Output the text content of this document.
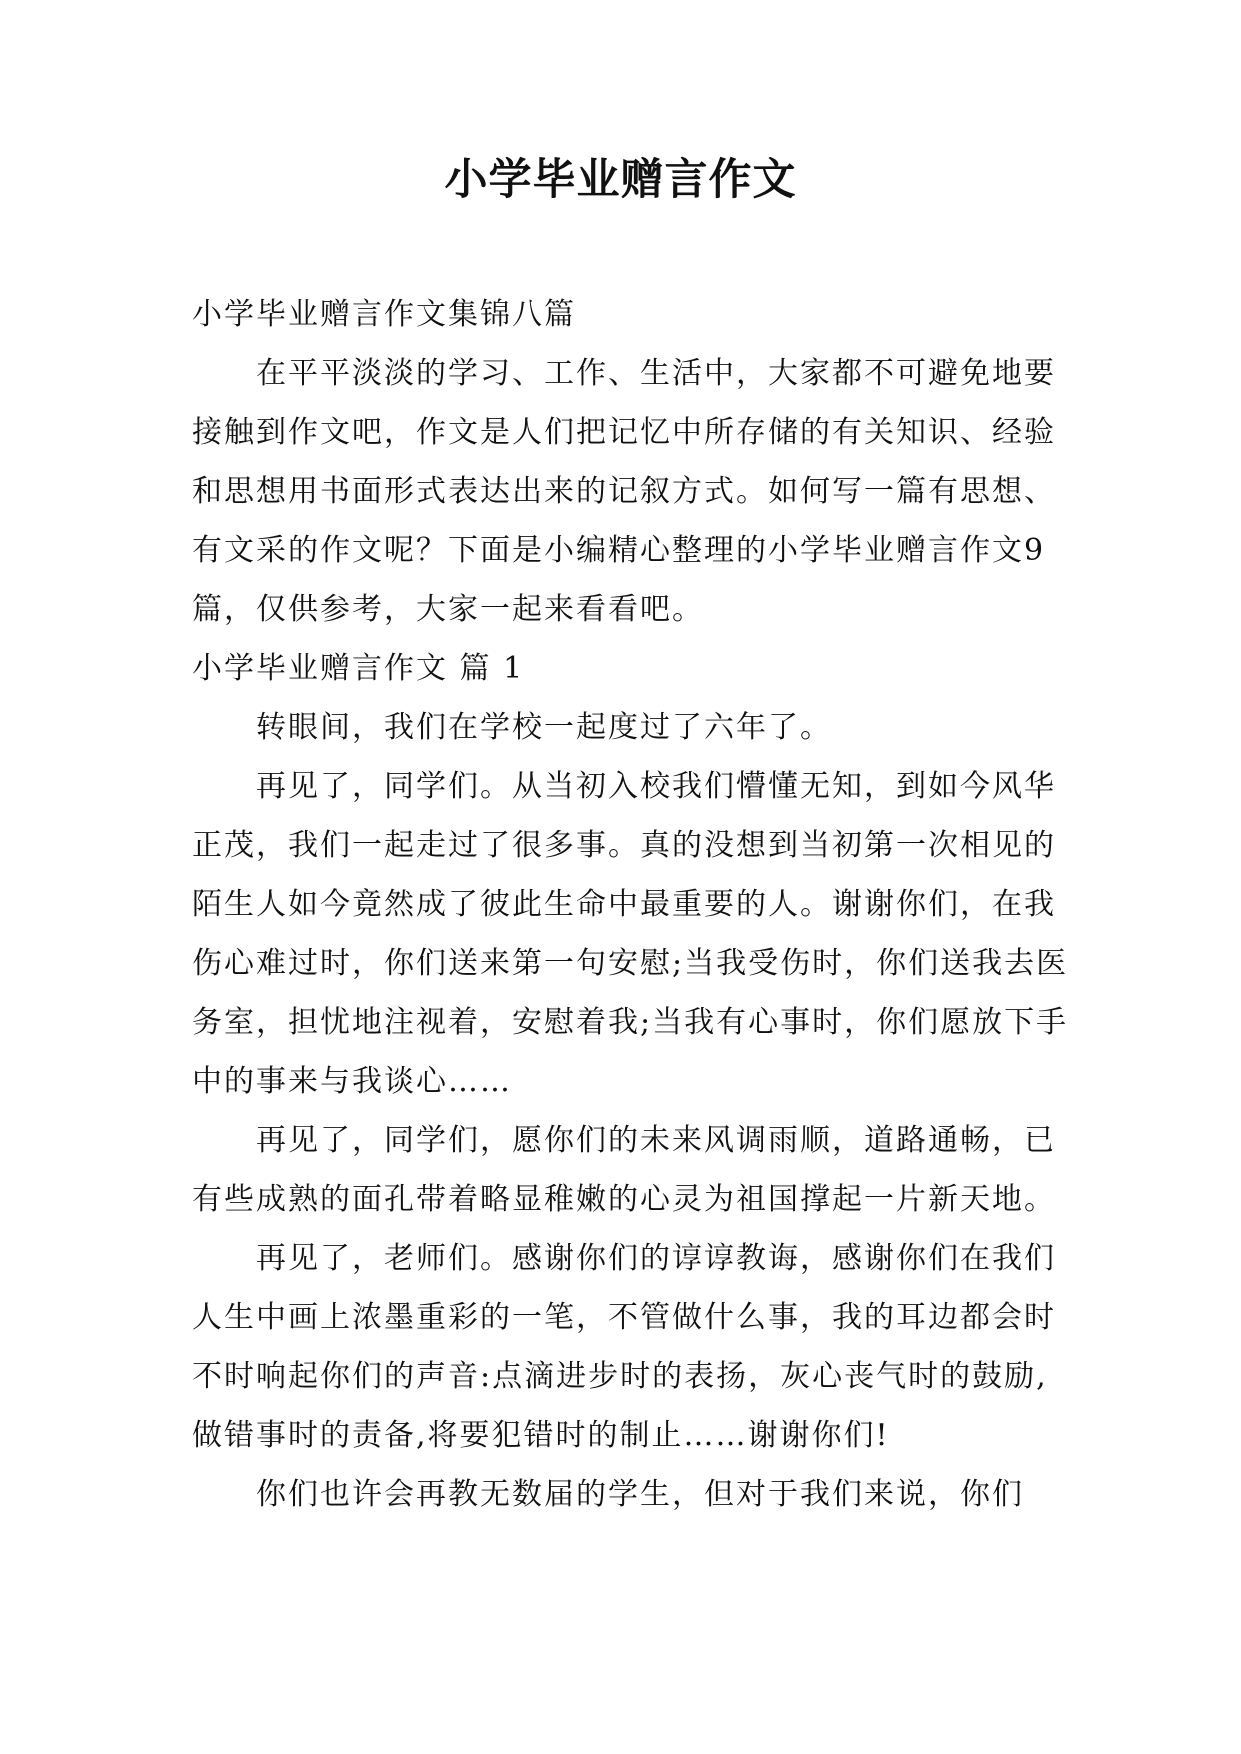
小学毕业赠言作文

小学毕业赠言作文集锦八篇

在平平淡淡的学习、工作、生活中，大家都不可避免地要接触到作文吧，作文是人们把记忆中所存储的有关知识、经验和思想用书面形式表达出来的记叙方式。如何写一篇有思想、有文采的作文呢？下面是小编精心整理的小学毕业赠言作文9篇，仅供参考，大家一起来看看吧。

小学毕业赠言作文 篇 1

转眼间，我们在学校一起度过了六年了。

再见了，同学们。从当初入校我们懵懂无知，到如今风华正茂，我们一起走过了很多事。真的没想到当初第一次相见的陌生人如今竟然成了彼此生命中最重要的人。谢谢你们，在我伤心难过时，你们送来第一句安慰;当我受伤时，你们送我去医务室，担忧地注视着，安慰着我;当我有心事时，你们愿放下手中的事来与我谈心……

再见了，同学们，愿你们的未来风调雨顺，道路通畅，已有些成熟的面孔带着略显稚嫩的心灵为祖国撑起一片新天地。

再见了，老师们。感谢你们的谆谆教诲，感谢你们在我们人生中画上浓墨重彩的一笔，不管做什么事，我的耳边都会时不时响起你们的声音:点滴进步时的表扬，灰心丧气时的鼓励,做错事时的责备,将要犯错时的制止……谢谢你们!

你们也许会再教无数届的学生，但对于我们来说，你们
